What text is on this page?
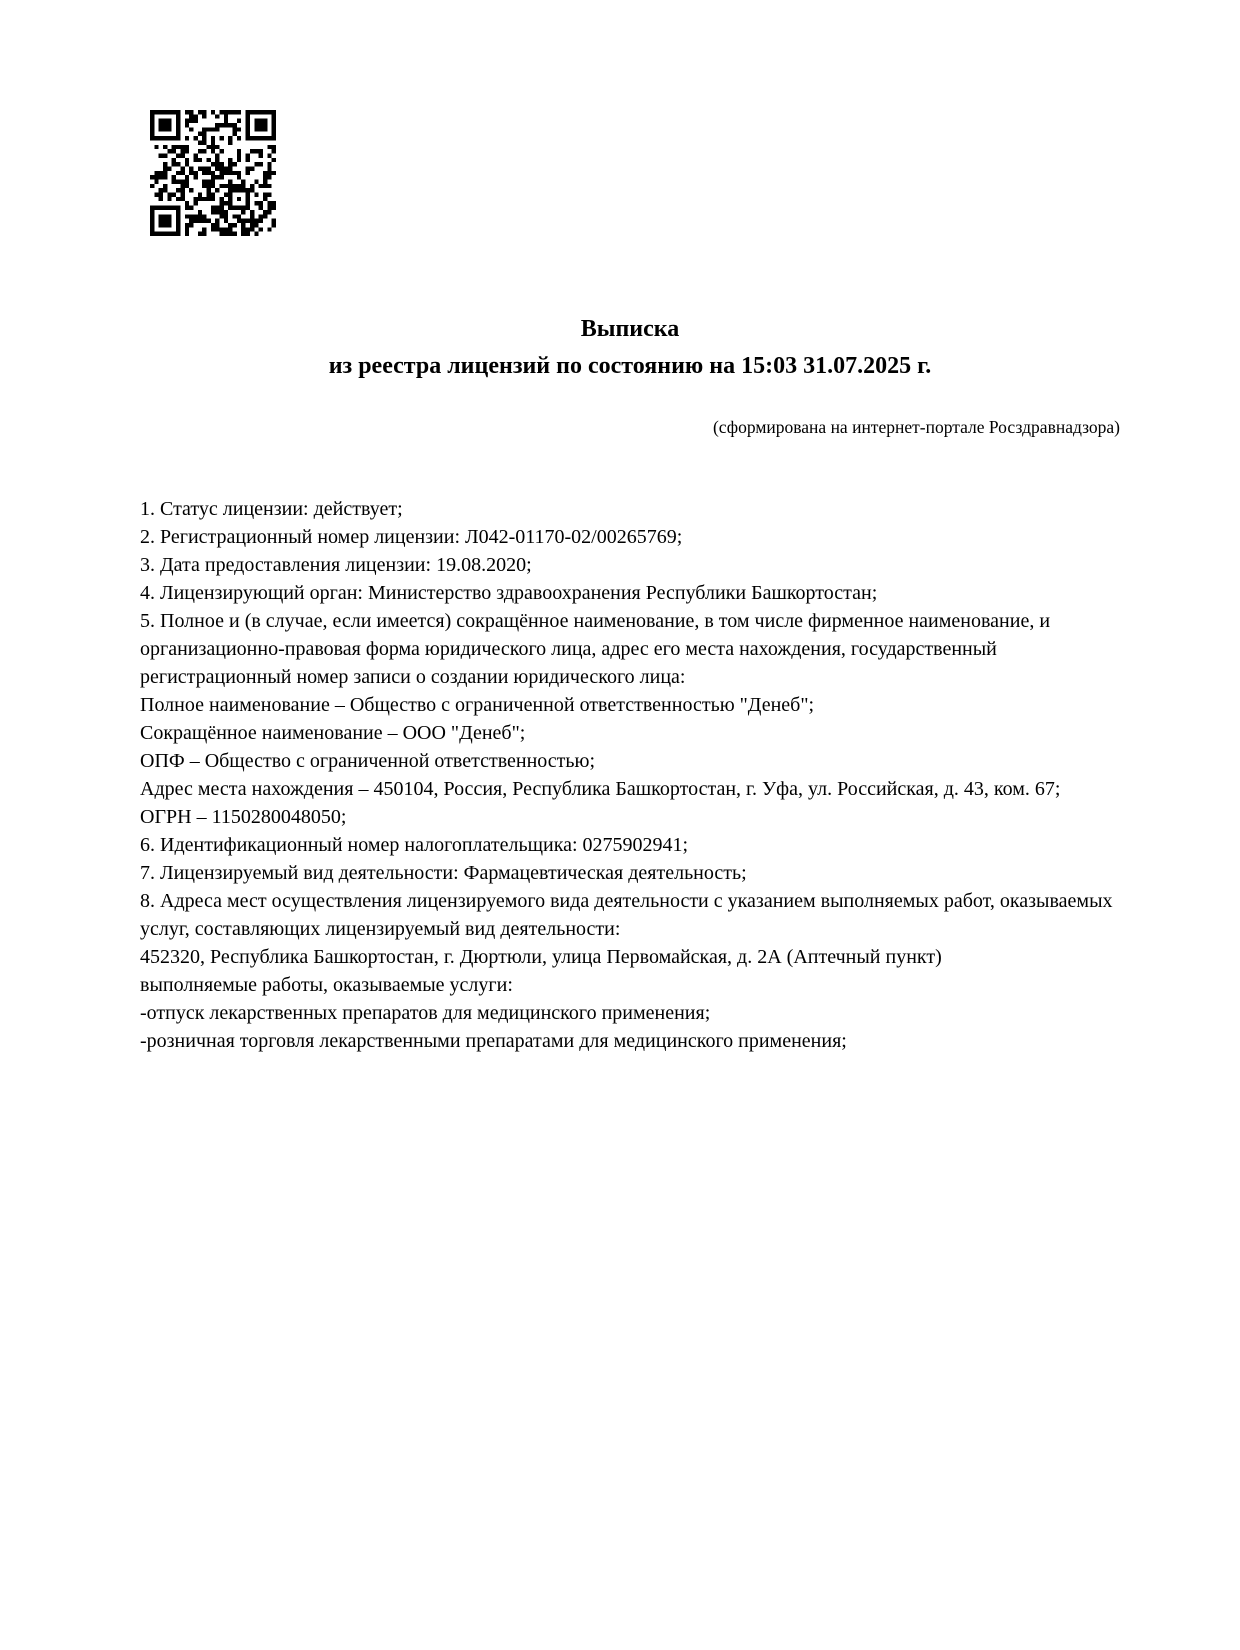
Выписка
из реестра лицензий по состоянию на 15:03 31.07.2025 г.
(сформирована на интернет-портале Росздравнадзора)
1. Статус лицензии: действует;
2. Регистрационный номер лицензии: Л042-01170-02/00265769;
3. Дата предоставления лицензии: 19.08.2020;
4. Лицензирующий орган: Министерство здравоохранения Республики Башкортостан;
5. Полное и (в случае, если имеется) сокращённое наименование, в том числе фирменное наименование, и организационно-правовая форма юридического лица, адрес его места нахождения, государственный регистрационный номер записи о создании юридического лица:
Полное наименование – Общество с ограниченной ответственностью "Денеб";
Сокращённое наименование – ООО "Денеб";
ОПФ – Общество с ограниченной ответственностью;
Адрес места нахождения – 450104, Россия, Республика Башкортостан, г. Уфа, ул. Российская, д. 43, ком. 67;
ОГРН – 1150280048050;
6. Идентификационный номер налогоплательщика: 0275902941;
7. Лицензируемый вид деятельности: Фармацевтическая деятельность;
8. Адреса мест осуществления лицензируемого вида деятельности с указанием выполняемых работ, оказываемых услуг, составляющих лицензируемый вид деятельности:
452320, Республика Башкортостан, г. Дюртюли, улица Первомайская, д. 2А (Аптечный пункт)
выполняемые работы, оказываемые услуги:
-отпуск лекарственных препаратов для медицинского применения;
-розничная торговля лекарственными препаратами для медицинского применения;
